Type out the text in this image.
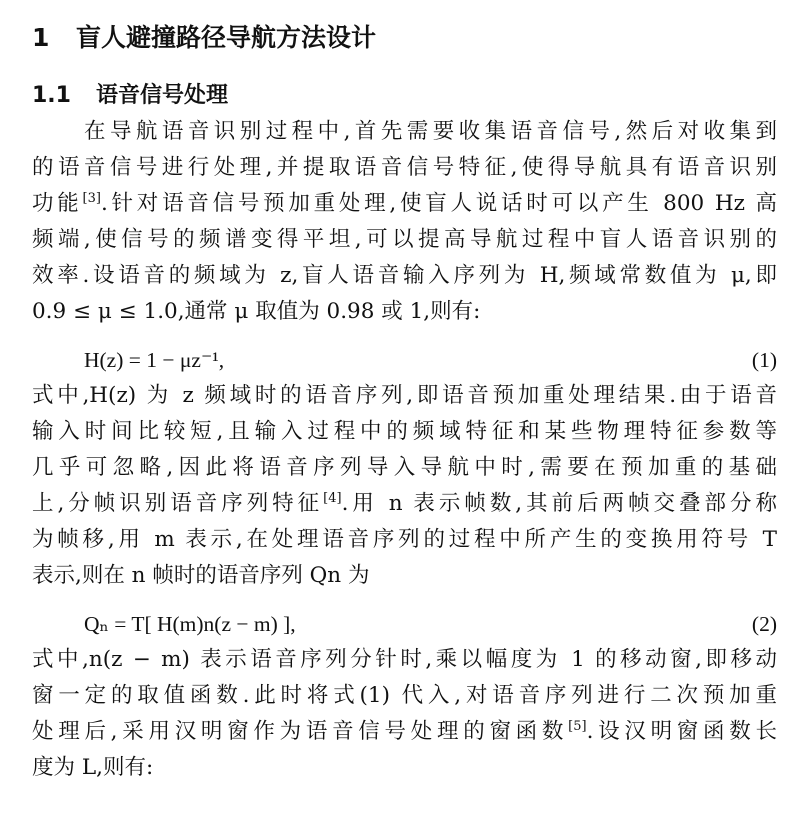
1 盲人避撞路径导航方法设计
1.1 语音信号处理
在导航语音识别过程中,首先需要收集语音信号,然后对收集到
的语音信号进行处理,并提取语音信号特征,使得导航具有语音识别
功能[3].针对语音信号预加重处理,使盲人说话时可以产生 800 Hz 高
频端,使信号的频谱变得平坦,可以提高导航过程中盲人语音识别的
效率.设语音的频域为 z,盲人语音输入序列为 H,频域常数值为 μ,即
0.9 ≤ μ ≤ 1.0,通常 μ 取值为 0.98 或 1,则有:
H(z) = 1 − μz⁻¹,	(1)
式中,H(z) 为 z 频域时的语音序列,即语音预加重处理结果.由于语音
输入时间比较短,且输入过程中的频域特征和某些物理特征参数等
几乎可忽略,因此将语音序列导入导航中时,需要在预加重的基础
上,分帧识别语音序列特征[4].用 n 表示帧数,其前后两帧交叠部分称
为帧移,用 m 表示,在处理语音序列的过程中所产生的变换用符号 T
表示,则在 n 帧时的语音序列 Qn 为
Qₙ = T[ H(m)n(z − m) ],	(2)
式中,n(z − m) 表示语音序列分针时,乘以幅度为 1 的移动窗,即移动
窗一定的取值函数.此时将式(1) 代入,对语音序列进行二次预加重
处理后,采用汉明窗作为语音信号处理的窗函数[5].设汉明窗函数长
度为 L,则有:
